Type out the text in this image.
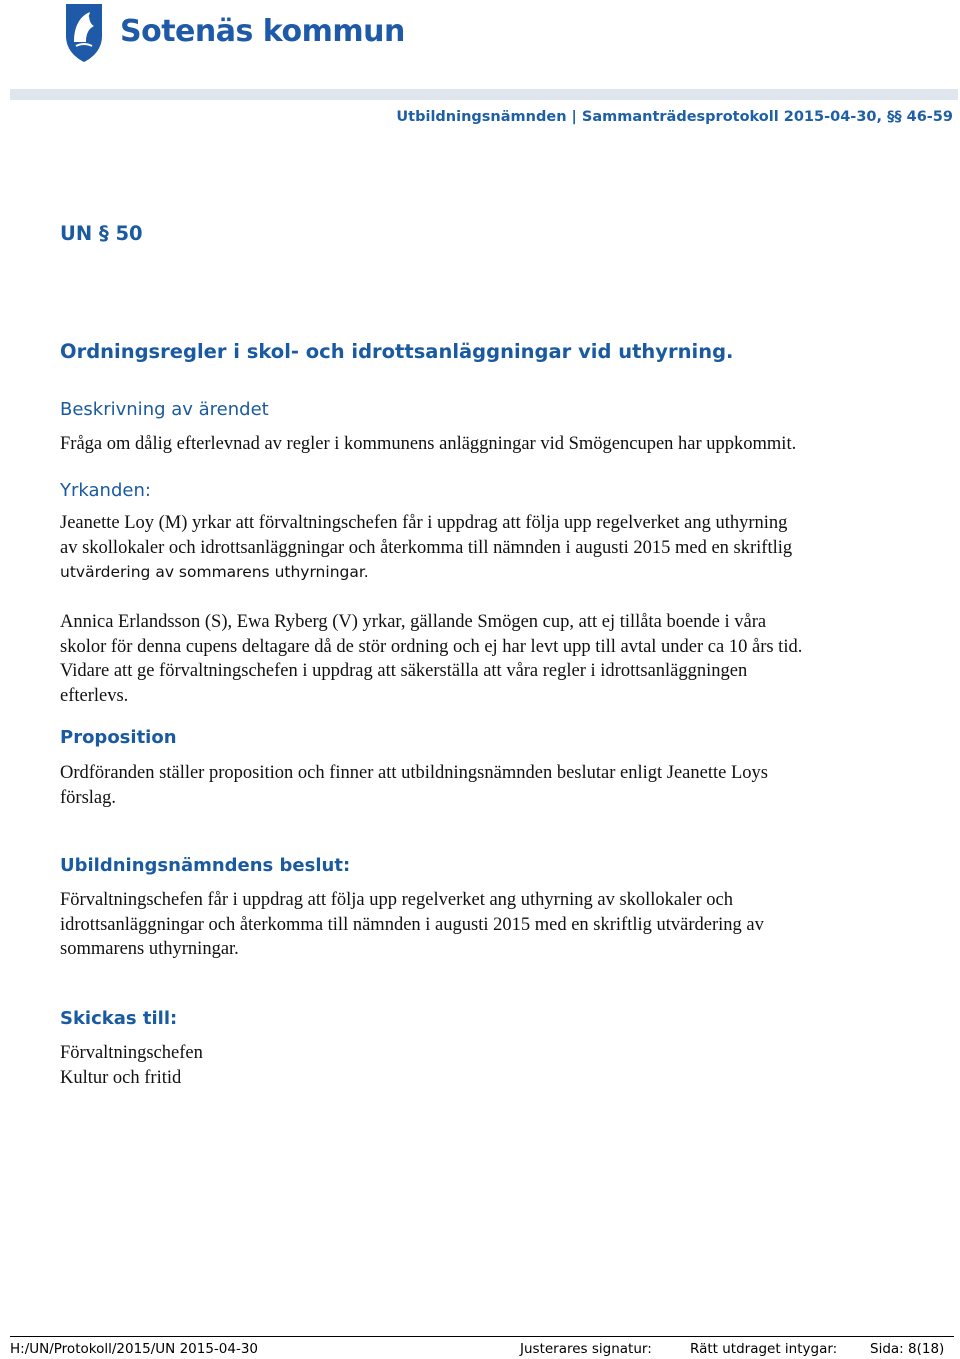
Sotenäs kommun
Utbildningsnämnden | Sammanträdesprotokoll 2015-04-30, §§ 46-59
UN § 50
Ordningsregler i skol- och idrottsanläggningar vid uthyrning.
Beskrivning av ärendet
Fråga om dålig efterlevnad av regler i kommunens anläggningar vid Smögencupen har uppkommit.
Yrkanden:
Jeanette Loy (M) yrkar att förvaltningschefen får i uppdrag att följa upp regelverket ang uthyrning
av skollokaler och idrottsanläggningar och återkomma till nämnden i augusti 2015 med en skriftlig
utvärdering av sommarens uthyrningar.
Annica Erlandsson (S), Ewa Ryberg (V) yrkar, gällande Smögen cup, att ej tillåta boende i våra
skolor för denna cupens deltagare då de stör ordning och ej har levt upp till avtal under ca 10 års tid.
Vidare att ge förvaltningschefen i uppdrag att säkerställa att våra regler i idrottsanläggningen
efterlevs.
Proposition
Ordföranden ställer proposition och finner att utbildningsnämnden beslutar enligt Jeanette Loys
förslag.
Ubildningsnämndens beslut:
Förvaltningschefen får i uppdrag att följa upp regelverket ang uthyrning av skollokaler och
idrottsanläggningar och återkomma till nämnden i augusti 2015 med en skriftlig utvärdering av
sommarens uthyrningar.
Skickas till:
Förvaltningschefen
Kultur och fritid
H:/UN/Protokoll/2015/UN 2015-04-30	Justerares signatur:	Rätt utdraget intygar: Sida: 8(18)
